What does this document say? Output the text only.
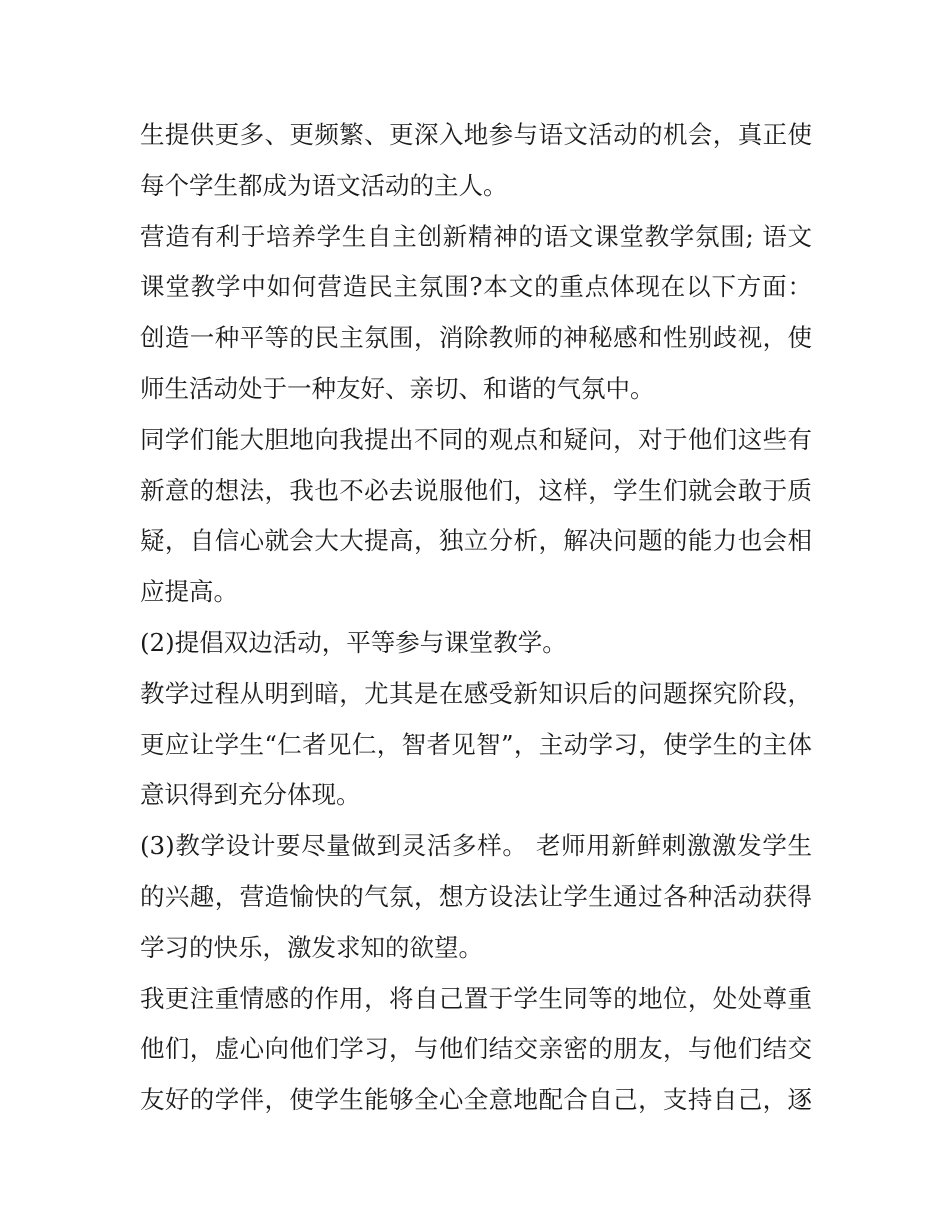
生提供更多、更频繁、更深入地参与语文活动的机会，真正使
每个学生都成为语文活动的主人。
营造有利于培养学生自主创新精神的语文课堂教学氛围; 语文
课堂教学中如何营造民主氛围?本文的重点体现在以下方面：
创造一种平等的民主氛围，消除教师的神秘感和性别歧视，使
师生活动处于一种友好、亲切、和谐的气氛中。
同学们能大胆地向我提出不同的观点和疑问，对于他们这些有
新意的想法，我也不必去说服他们，这样，学生们就会敢于质
疑，自信心就会大大提高，独立分析，解决问题的能力也会相
应提高。
(2)提倡双边活动，平等参与课堂教学。
教学过程从明到暗，尤其是在感受新知识后的问题探究阶段，
更应让学生“仁者见仁，智者见智”，主动学习，使学生的主体
意识得到充分体现。
(3)教学设计要尽量做到灵活多样。 老师用新鲜刺激激发学生
的兴趣，营造愉快的气氛，想方设法让学生通过各种活动获得
学习的快乐，激发求知的欲望。
我更注重情感的作用，将自己置于学生同等的地位，处处尊重
他们，虚心向他们学习，与他们结交亲密的朋友，与他们结交
友好的学伴，使学生能够全心全意地配合自己，支持自己，逐
